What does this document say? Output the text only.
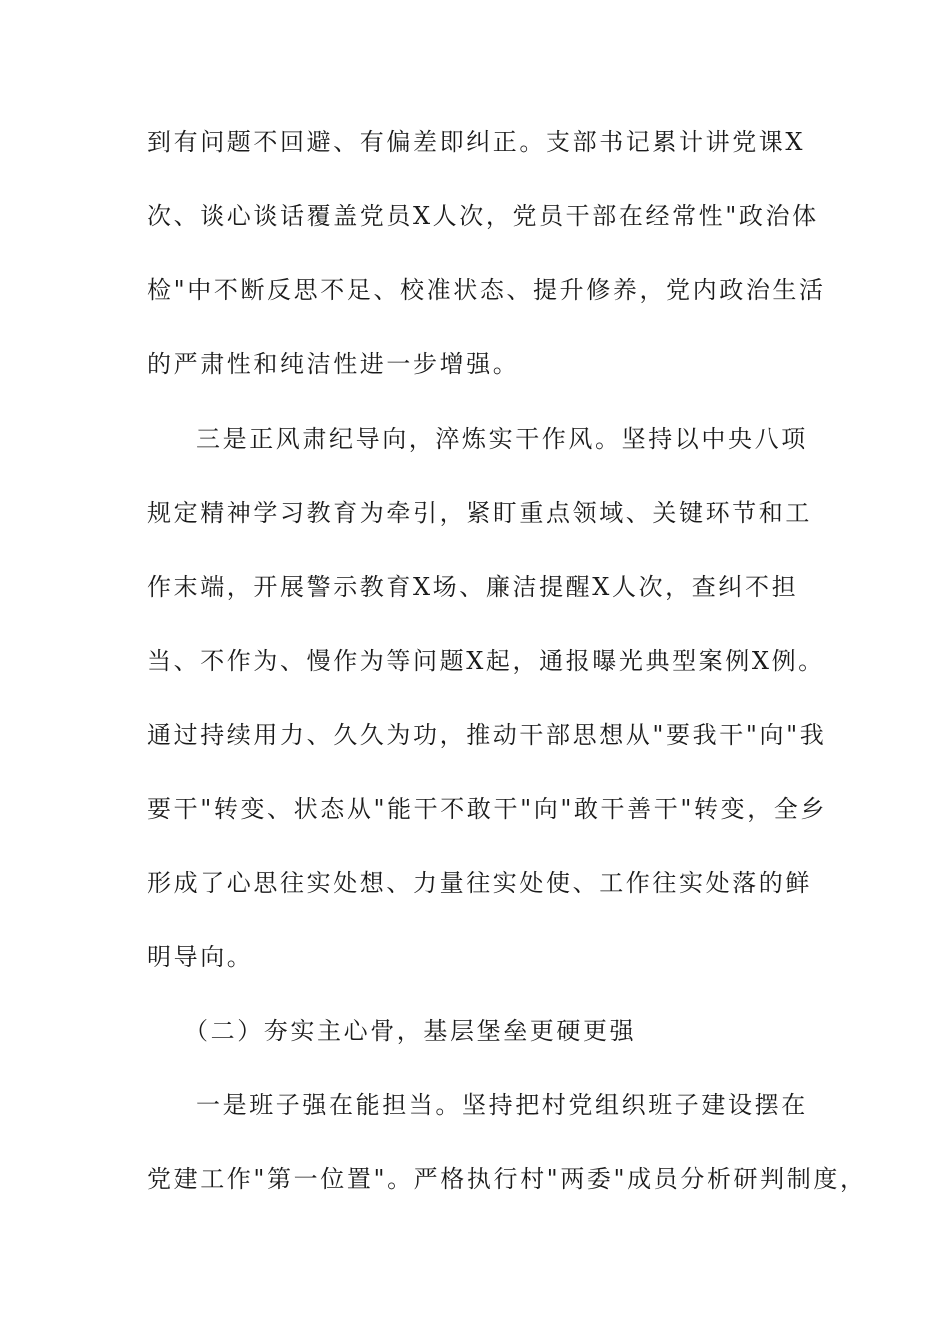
到有问题不回避、有偏差即纠正。支部书记累计讲党课X
次、谈心谈话覆盖党员X人次，党员干部在经常性"政治体
检"中不断反思不足、校准状态、提升修养，党内政治生活
的严肃性和纯洁性进一步增强。
三是正风肃纪导向，淬炼实干作风。坚持以中央八项
规定精神学习教育为牵引，紧盯重点领域、关键环节和工
作末端，开展警示教育X场、廉洁提醒X人次，查纠不担
当、不作为、慢作为等问题X起，通报曝光典型案例X例。
通过持续用力、久久为功，推动干部思想从"要我干"向"我
要干"转变、状态从"能干不敢干"向"敢干善干"转变，全乡
形成了心思往实处想、力量往实处使、工作往实处落的鲜
明导向。
（二）夯实主心骨，基层堡垒更硬更强
一是班子强在能担当。坚持把村党组织班子建设摆在
党建工作"第一位置"。严格执行村"两委"成员分析研判制度，
